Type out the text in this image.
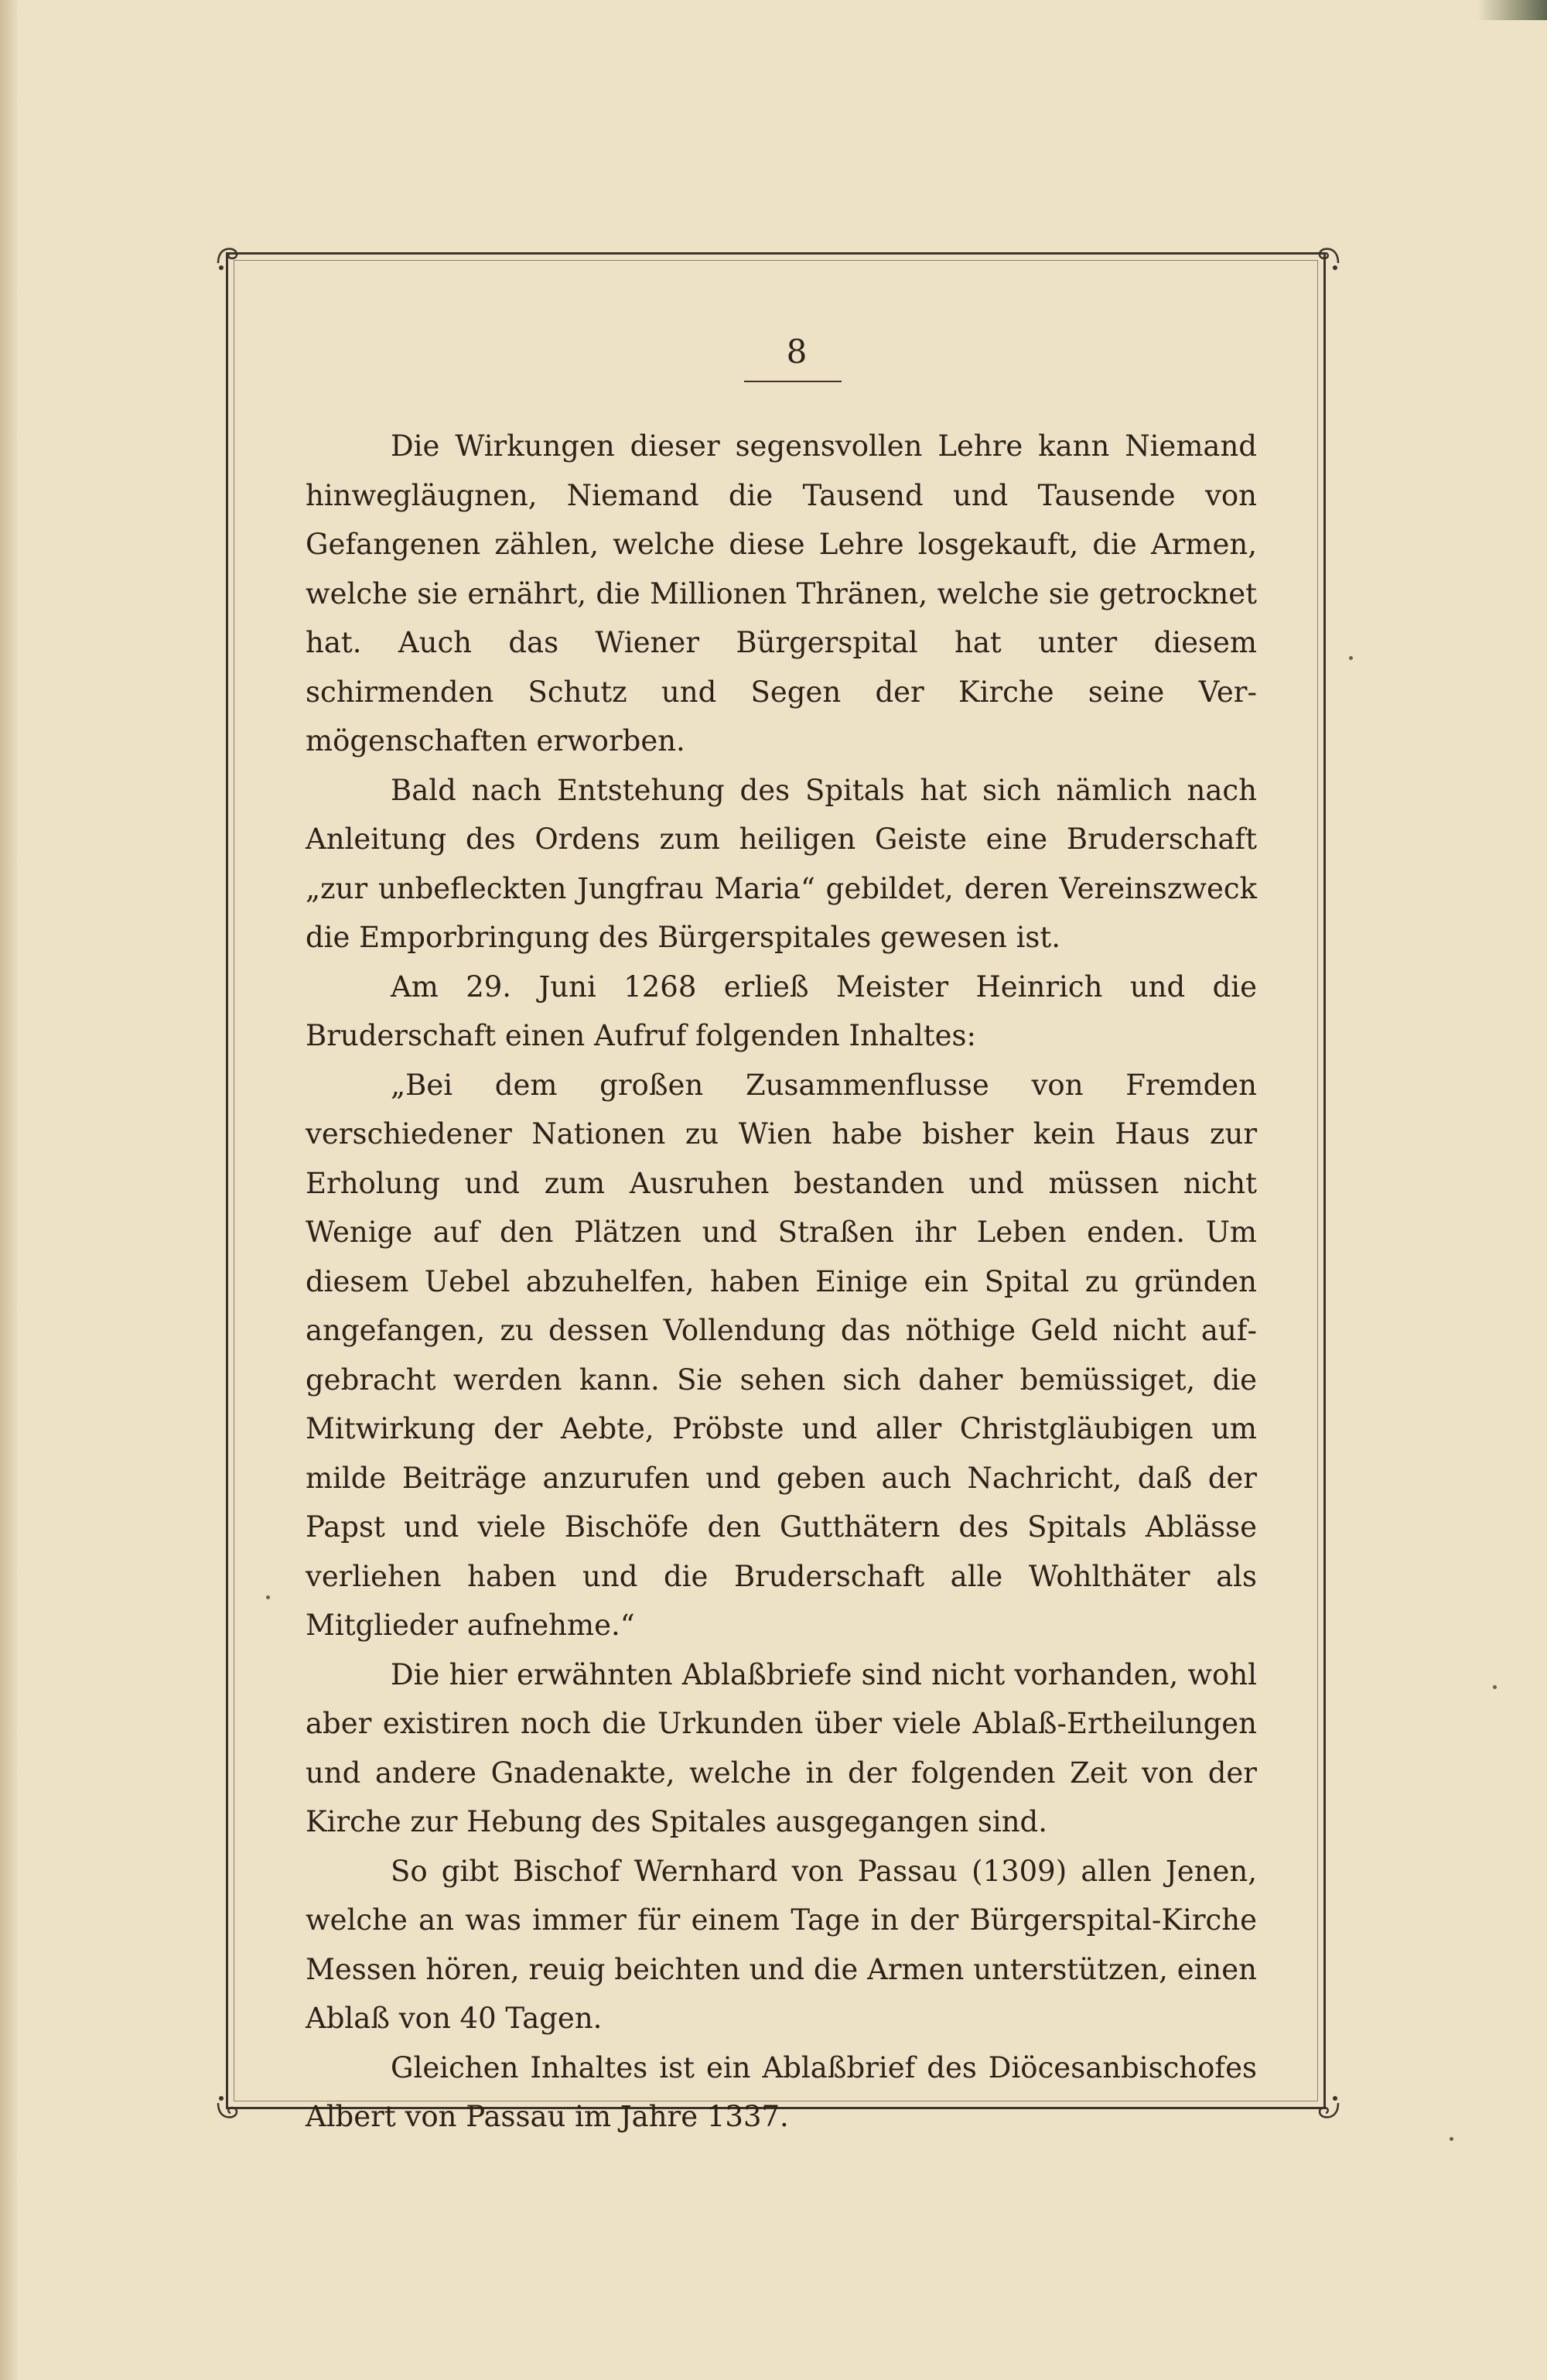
8

Die Wirkungen dieser segensvollen Lehre kann Niemand hinwegläugnen, Niemand die Tausend und Tausende von Gefangenen zählen, welche diese Lehre losgekauft, die Armen, welche sie ernährt, die Millionen Thränen, welche sie getrocknet hat. Auch das Wiener Bürgerspital hat unter diesem schirmenden Schutz und Segen der Kirche seine Vermögenschaften erworben.

Bald nach Entstehung des Spitals hat sich nämlich nach Anleitung des Ordens zum heiligen Geiste eine Bruderschaft „zur unbefleckten Jungfrau Maria“ gebildet, deren Vereinszweck die Emporbringung des Bürgerspitales gewesen ist.

Am 29. Juni 1268 erließ Meister Heinrich und die Bruderschaft einen Aufruf folgenden Inhaltes:

„Bei dem großen Zusammenflusse von Fremden verschiedener Nationen zu Wien habe bisher kein Haus zur Erholung und zum Ausruhen bestanden und müssen nicht Wenige auf den Plätzen und Straßen ihr Leben enden. Um diesem Uebel abzuhelfen, haben Einige ein Spital zu gründen angefangen, zu dessen Vollendung das nöthige Geld nicht aufgebracht werden kann. Sie sehen sich daher bemüssiget, die Mitwirkung der Aebte, Pröbste und aller Christgläubigen um milde Beiträge anzurufen und geben auch Nachricht, daß der Papst und viele Bischöfe den Gutthätern des Spitals Ablässe verliehen haben und die Bruderschaft alle Wohlthäter als Mitglieder aufnehme.“

Die hier erwähnten Ablaßbriefe sind nicht vorhanden, wohl aber existiren noch die Urkunden über viele Ablaß-Ertheilungen und andere Gnadenakte, welche in der folgenden Zeit von der Kirche zur Hebung des Spitales ausgegangen sind.

So gibt Bischof Wernhard von Passau (1309) allen Jenen, welche an was immer für einem Tage in der Bürgerspital-Kirche Messen hören, reuig beichten und die Armen unterstützen, einen Ablaß von 40 Tagen.

Gleichen Inhaltes ist ein Ablaßbrief des Diöcesanbischofes Albert von Passau im Jahre 1337.
